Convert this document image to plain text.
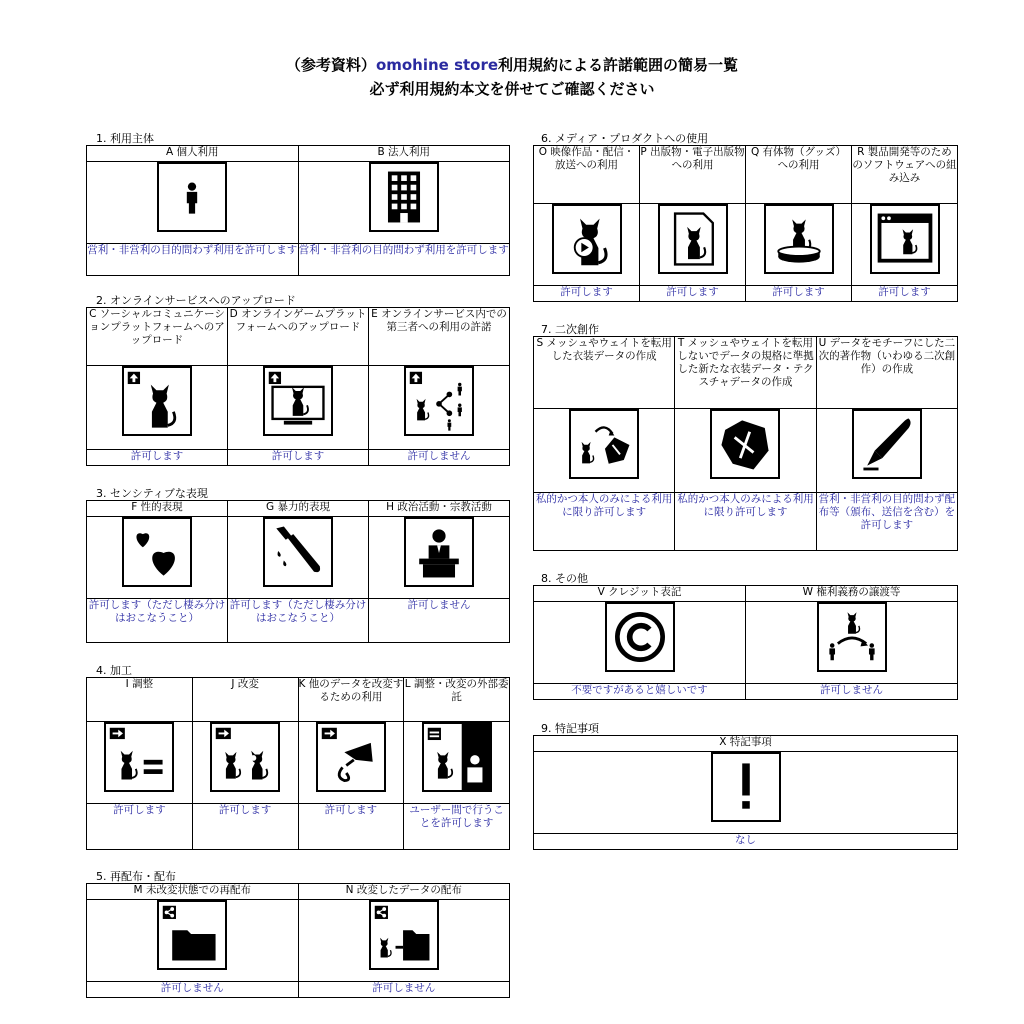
（参考資料）omohine store利用規約による許諾範囲の簡易一覧
必ず利用規約本文を併せてご確認ください
1. 利用主体
A 個人利用	B 法人利用

営利・非営利の目的問わず利用を許可します	営利・非営利の目的問わず利用を許可します
2. オンラインサービスへのアップロード
C ソーシャルコミュニケーションプラットフォームへのアップロード	D オンラインゲームプラットフォームへのアップロード	E オンラインサービス内での第三者への利用の許諾

許可します	許可します	許可しません
3. センシティブな表現
F 性的表現	G 暴力的表現	H 政治活動・宗教活動

許可します（ただし棲み分けはおこなうこと）	許可します（ただし棲み分けはおこなうこと）	許可しません
4. 加工
I 調整	J 改変	K 他のデータを改変するための利用	L 調整・改変の外部委託

許可します	許可します	許可します	ユーザー間で行うことを許可します
5. 再配布・配布
M 未改変状態での再配布	N 改変したデータの配布

許可しません	許可しません
6. メディア・プロダクトへの使用
O 映像作品・配信・放送への利用	P 出版物・電子出版物への利用	Q 有体物（グッズ）への利用	R 製品開発等のためのソフトウェアへの組み込み

許可します	許可します	許可します	許可します
7. 二次創作
S メッシュやウェイトを転用した衣装データの作成	T メッシュやウェイトを転用しないでデータの規格に準拠した新たな衣装データ・テクスチャデータの作成	U データをモチーフにした二次的著作物（いわゆる二次創作）の作成

私的かつ本人のみによる利用に限り許可します	私的かつ本人のみによる利用に限り許可します	営利・非営利の目的問わず配布等（頒布、送信を含む）を許可します
8. その他
V クレジット表記	W 権利義務の譲渡等

不要ですがあると嬉しいです	許可しません
9. 特記事項
X 特記事項

なし
